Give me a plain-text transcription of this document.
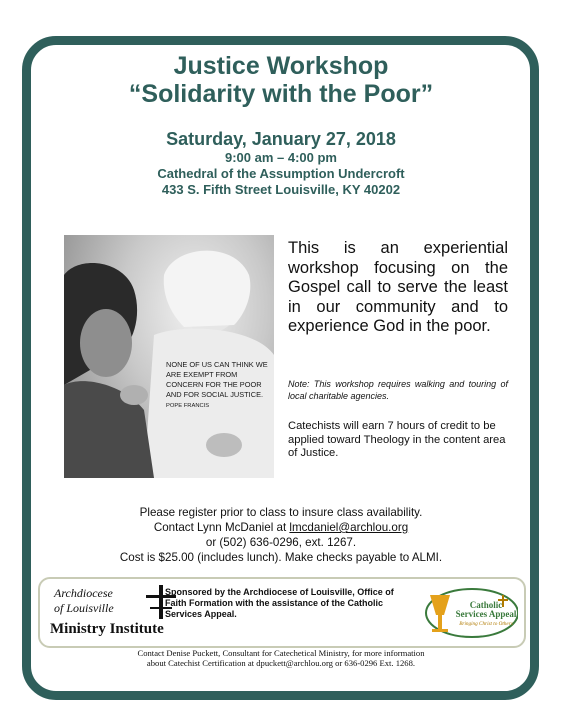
Justice Workshop
“Solidarity with the Poor”
Saturday, January 27, 2018
9:00 am – 4:00 pm
Cathedral of the Assumption Undercroft
433 S. Fifth Street Louisville, KY 40202
NONE OF US CAN THINK WE ARE EXEMPT FROM CONCERN FOR THE POOR AND FOR SOCIAL JUSTICE.
POPE FRANCIS
This is an experiential workshop focusing on the Gospel call to serve the least in our community and to experience God in the poor.
Note: This workshop requires walking and touring of local charitable agencies.
Catechists will earn 7 hours of credit to be applied toward Theology in the content area of Justice.
Please register prior to class to insure class availability.
Contact Lynn McDaniel at lmcdaniel@archlou.org
or (502) 636-0296, ext. 1267.
Cost is $25.00 (includes lunch). Make checks payable to ALMI.
Archdiocese
of Louisville
Ministry Institute
Sponsored by the Archdiocese of Louisville, Office of Faith Formation with the assistance of the Catholic Services Appeal.
Catholic Services Appeal
Bringing Christ to Others
Contact Denise Puckett, Consultant for Catechetical Ministry, for more information
about Catechist Certification at dpuckett@archlou.org or 636-0296 Ext. 1268.
